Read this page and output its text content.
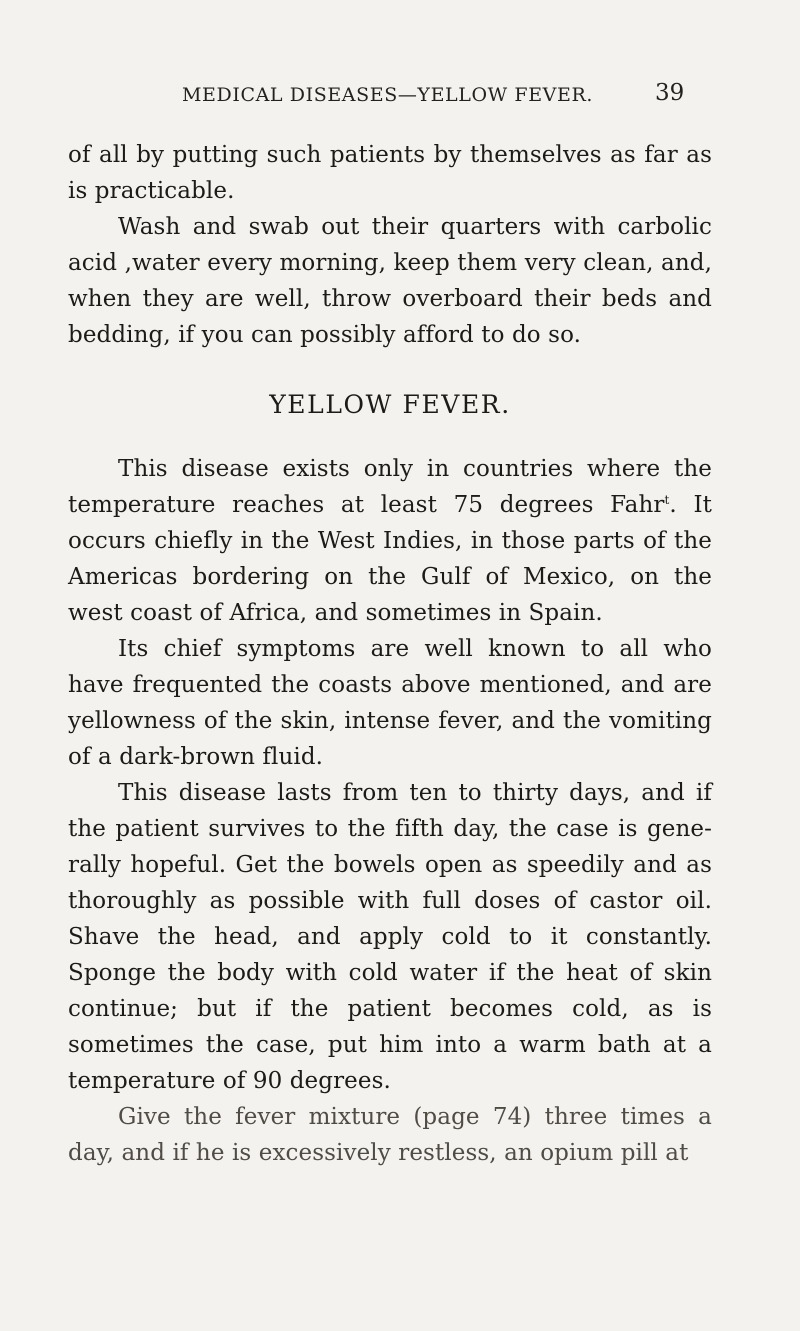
MEDICAL DISEASES—YELLOW FEVER.	39

of all by putting such patients by themselves as far as is practicable.

Wash and swab out their quarters with carbolic acid ,water every morning, keep them very clean, and, when they are well, throw overboard their beds and bedding, if you can possibly afford to do so.

YELLOW FEVER.

This disease exists only in countries where the temperature reaches at least 75 degrees Fahr$^t$. It occurs chiefly in the West Indies, in those parts of the Americas bordering on the Gulf of Mexico, on the west coast of Africa, and sometimes in Spain.

Its chief symptoms are well known to all who have frequented the coasts above mentioned, and are yellowness of the skin, intense fever, and the vomiting of a dark-brown fluid.

This disease lasts from ten to thirty days, and if the patient survives to the fifth day, the case is gene-rally hopeful. Get the bowels open as speedily and as thoroughly as possible with full doses of castor oil. Shave the head, and apply cold to it constantly. Sponge the body with cold water if the heat of skin continue; but if the patient becomes cold, as is sometimes the case, put him into a warm bath at a temperature of 90 degrees.

Give the fever mixture (page 74) three times a day, and if he is excessively restless, an opium pill at
